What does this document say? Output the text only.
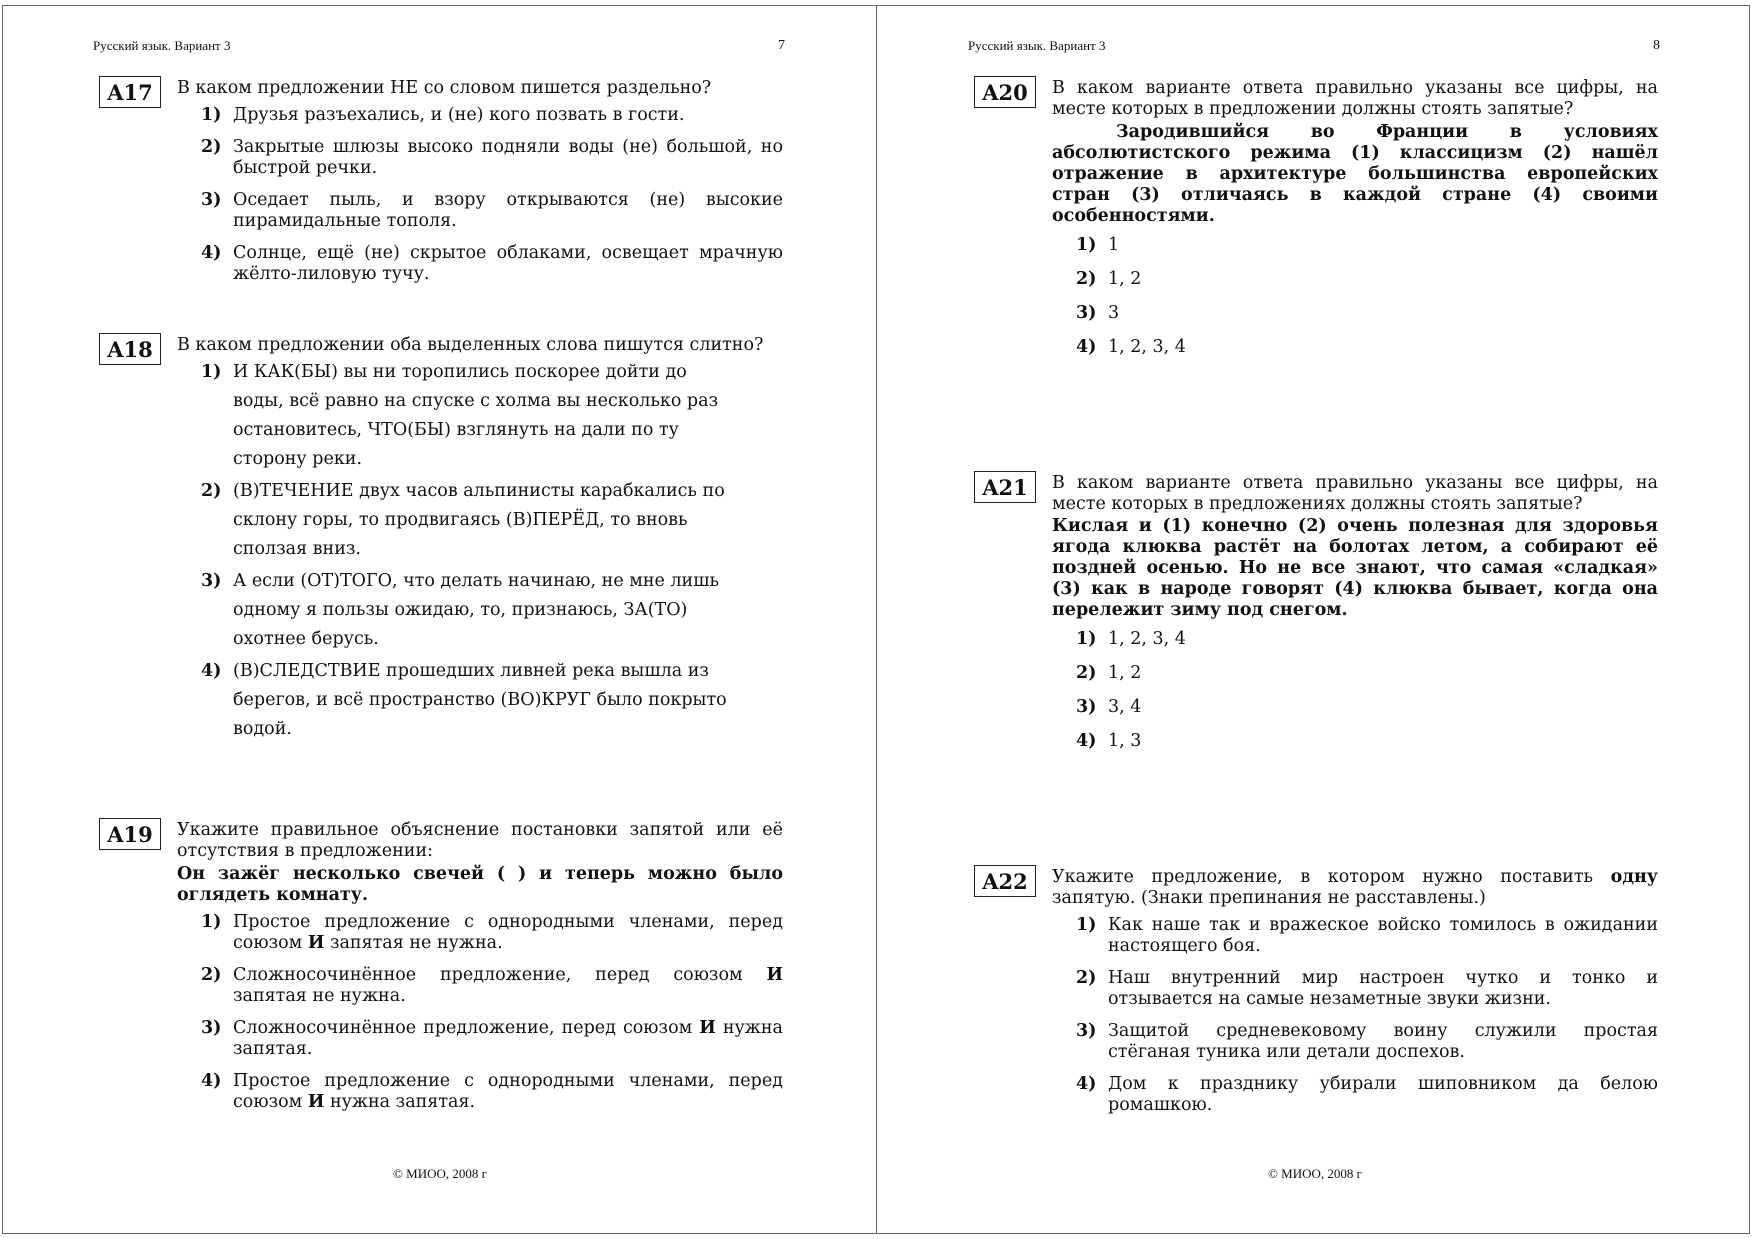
Русский язык. Вариант 3	7
A17	В каком предложении НЕ со словом пишется раздельно?
1) Друзья разъехались, и (не) кого позвать в гости.
2) Закрытые шлюзы высоко подняли воды (не) большой, но быстрой речки.
3) Оседает пыль, и взору открываются (не) высокие пирамидальные тополя.
4) Солнце, ещё (не) скрытое облаками, освещает мрачную жёлто-лиловую тучу.
A18	В каком предложении оба выделенных слова пишутся слитно?
1) И КАК(БЫ) вы ни торопились поскорее дойти до воды, всё равно на спуске с холма вы несколько раз остановитесь, ЧТО(БЫ) взглянуть на дали по ту сторону реки.
2) (В)ТЕЧЕНИЕ двух часов альпинисты карабкались по склону горы, то продвигаясь (В)ПЕРЁД, то вновь сползая вниз.
3) А если (ОТ)ТОГО, что делать начинаю, не мне лишь одному я пользы ожидаю, то, признаюсь, ЗА(ТО) охотнее берусь.
4) (В)СЛЕДСТВИЕ прошедших ливней река вышла из берегов, и всё пространство (ВО)КРУГ было покрыто водой.
A19	Укажите правильное объяснение постановки запятой или её отсутствия в предложении:
Он зажёг несколько свечей ( ) и теперь можно было оглядеть комнату.
1) Простое предложение с однородными членами, перед союзом И запятая не нужна.
2) Сложносочинённое предложение, перед союзом И запятая не нужна.
3) Сложносочинённое предложение, перед союзом И нужна запятая.
4) Простое предложение с однородными членами, перед союзом И нужна запятая.
© МИОО, 2008 г
Русский язык. Вариант 3	8
A20	В каком варианте ответа правильно указаны все цифры, на месте которых в предложении должны стоять запятые?
Зародившийся во Франции в условиях абсолютистского режима (1) классицизм (2) нашёл отражение в архитектуре большинства европейских стран (3) отличаясь в каждой стране (4) своими особенностями.
1) 1
2) 1, 2
3) 3
4) 1, 2, 3, 4
A21	В каком варианте ответа правильно указаны все цифры, на месте которых в предложениях должны стоять запятые?
Кислая и (1) конечно (2) очень полезная для здоровья ягода клюква растёт на болотах летом, а собирают её поздней осенью. Но не все знают, что самая «сладкая» (3) как в народе говорят (4) клюква бывает, когда она перележит зиму под снегом.
1) 1, 2, 3, 4
2) 1, 2
3) 3, 4
4) 1, 3
A22	Укажите предложение, в котором нужно поставить одну запятую. (Знаки препинания не расставлены.)
1) Как наше так и вражеское войско томилось в ожидании настоящего боя.
2) Наш внутренний мир настроен чутко и тонко и отзывается на самые незаметные звуки жизни.
3) Защитой средневековому воину служили простая стёганая туника или детали доспехов.
4) Дом к празднику убирали шиповником да белою ромашкою.
© МИОО, 2008 г
